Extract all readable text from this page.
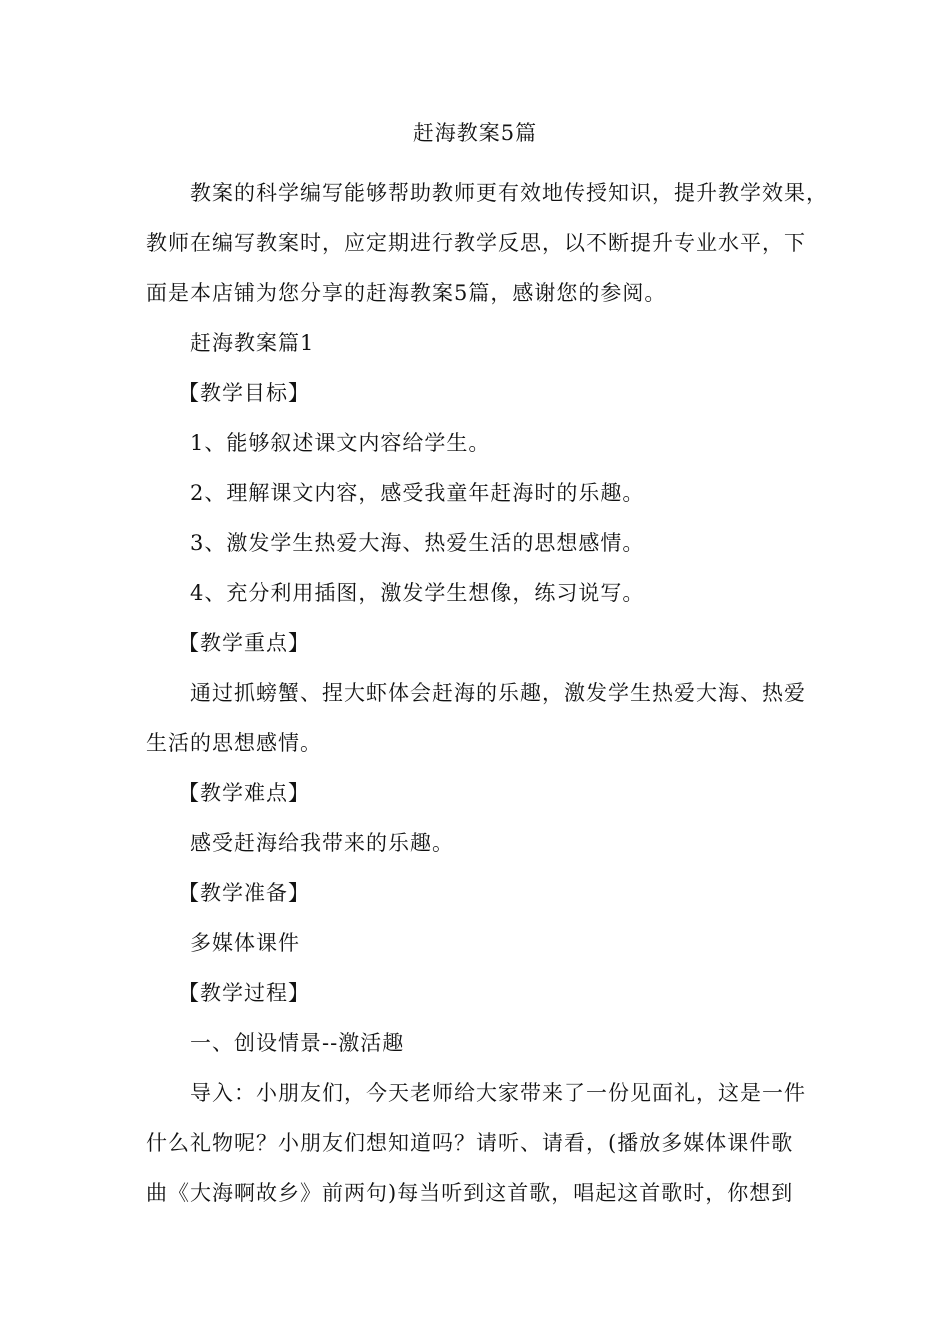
赶海教案5篇

教案的科学编写能够帮助教师更有效地传授知识，提升教学效果，

教师在编写教案时，应定期进行教学反思，以不断提升专业水平，下

面是本店铺为您分享的赶海教案5篇，感谢您的参阅。

赶海教案篇1

【教学目标】

1、能够叙述课文内容给学生。

2、理解课文内容，感受我童年赶海时的乐趣。

3、激发学生热爱大海、热爱生活的思想感情。

4、充分利用插图，激发学生想像，练习说写。

【教学重点】

通过抓螃蟹、捏大虾体会赶海的乐趣，激发学生热爱大海、热爱

生活的思想感情。

【教学难点】

感受赶海给我带来的乐趣。

【教学准备】

多媒体课件

【教学过程】

一、创设情景--激活趣

导入：小朋友们，今天老师给大家带来了一份见面礼，这是一件

什么礼物呢？小朋友们想知道吗？请听、请看，(播放多媒体课件歌

曲《大海啊故乡》前两句)每当听到这首歌，唱起这首歌时，你想到
